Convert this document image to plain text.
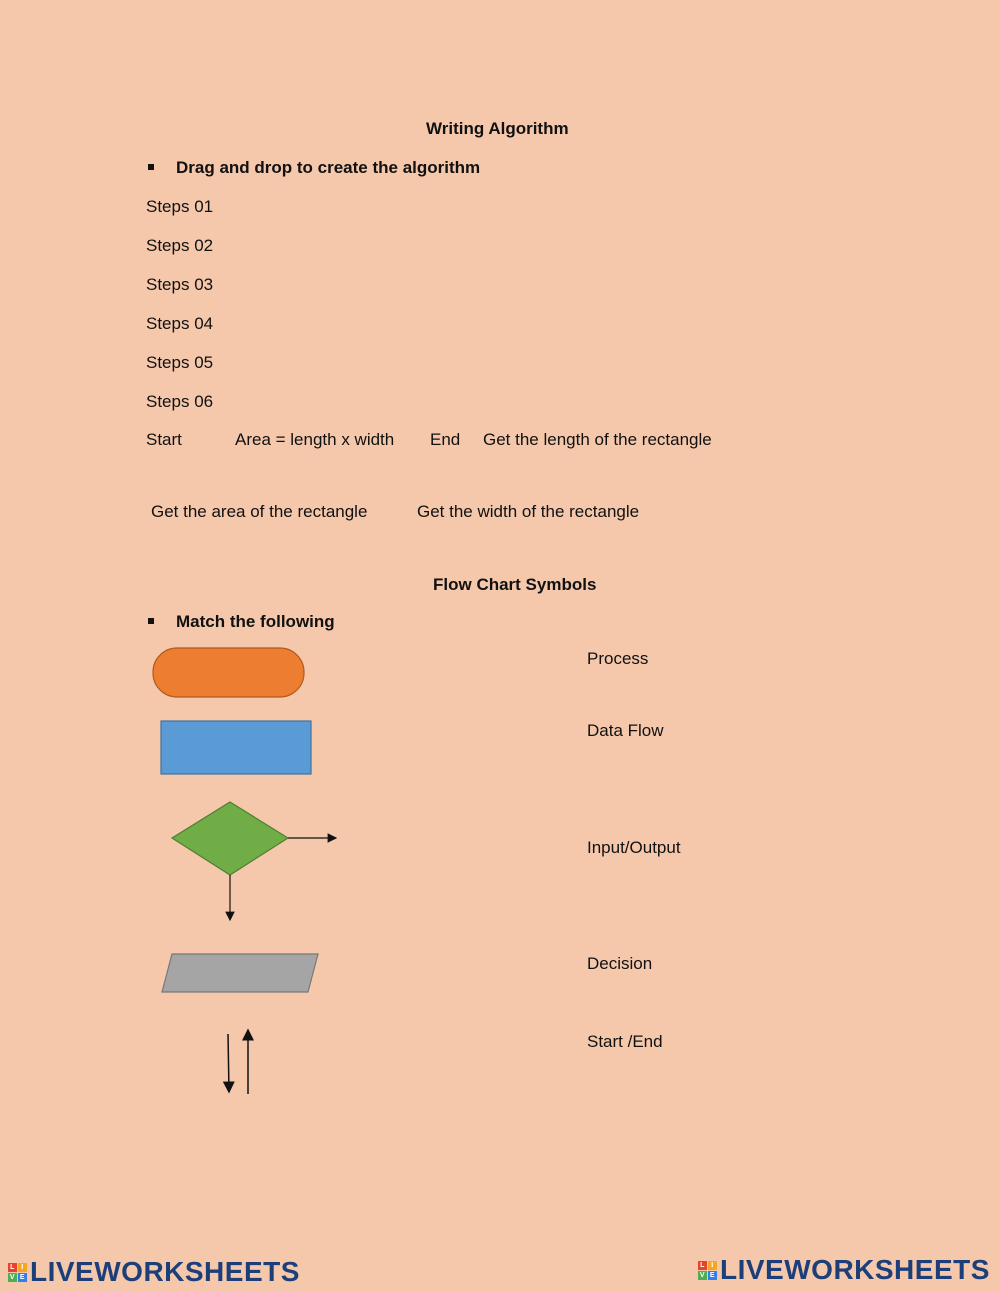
Writing Algorithm
Drag and drop to create the algorithm
Steps 01
Steps 02
Steps 03
Steps 04
Steps 05
Steps 06
Start	Area = length x width End Get the length of the rectangle
Get the area of the rectangle	Get the width of the rectangle
Flow Chart Symbols
Match the following
Process
Data Flow
Input/Output
Decision
Start /End
L I
V E LIVEWORKSHEETS	L I
V E LIVEWORKSHEETS
